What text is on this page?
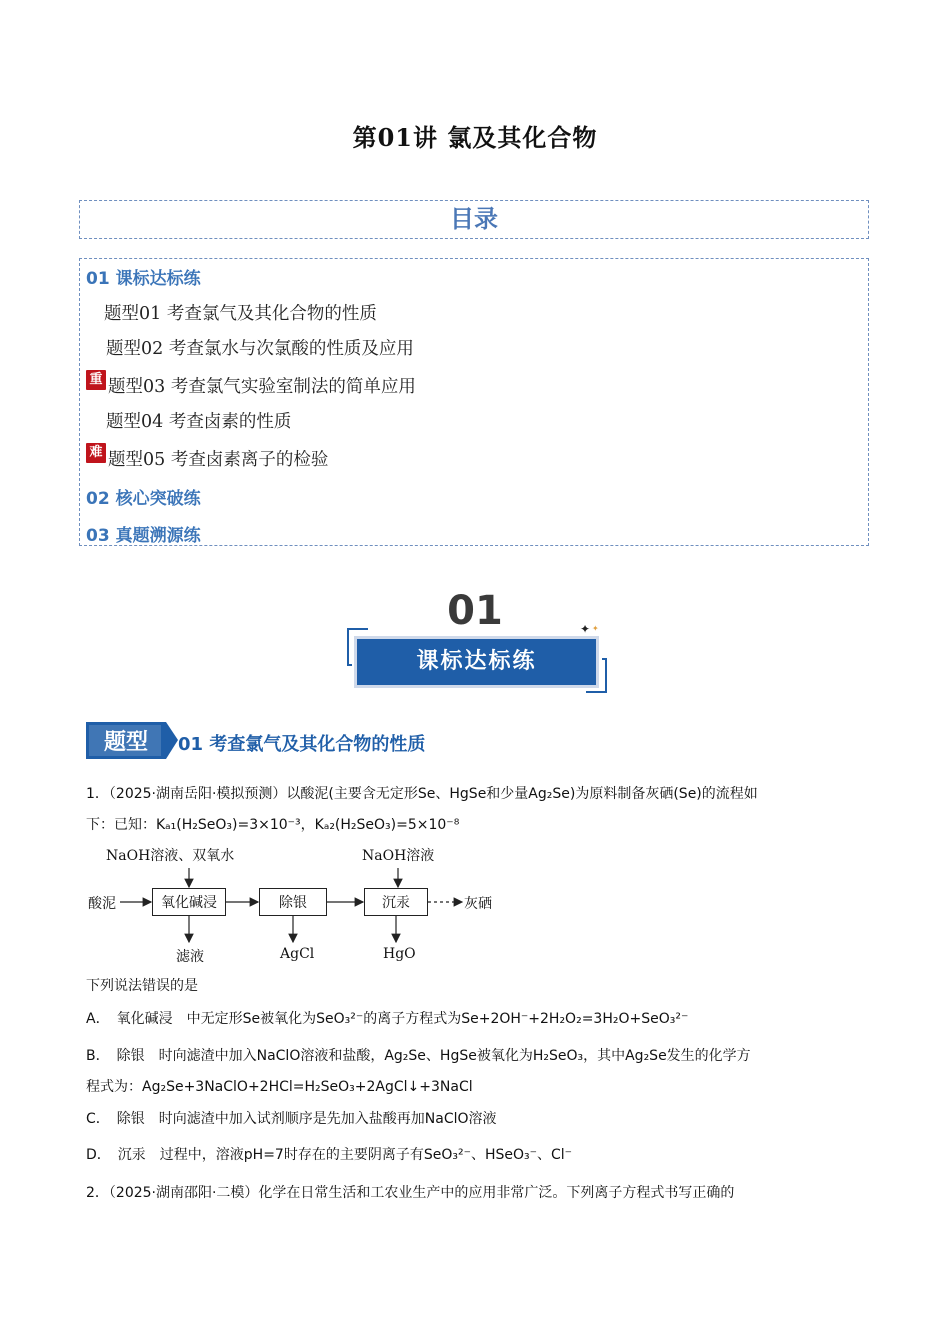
第01讲 氯及其化合物
目录
01 课标达标练
题型01 考查氯气及其化合物的性质
题型02 考查氯水与次氯酸的性质及应用
重 题型03 考查氯气实验室制法的简单应用
题型04 考查卤素的性质
难 题型05 考查卤素离子的检验
02 核心突破练
03 真题溯源练
01	✦ ✦
课标达标练
题型 01 考查氯气及其化合物的性质
1．（2025·湖南岳阳·模拟预测）以酸泥(主要含无定形Se、HgSe和少量Ag₂Se)为原料制备灰硒(Se)的流程如
下：已知：Kₐ₁(H₂SeO₃)=3×10⁻³，Kₐ₂(H₂SeO₃)=5×10⁻⁸
NaOH溶液、双氧水	NaOH溶液
酸泥	氧化碱浸	除银	沉汞	灰硒
滤液	AgCl	HgO
下列说法错误的是
A．　氧化碱浸　中无定形Se被氧化为SeO₃²⁻的离子方程式为Se+2OH⁻+2H₂O₂=3H₂O+SeO₃²⁻
B．　除银　时向滤渣中加入NaClO溶液和盐酸，Ag₂Se、HgSe被氧化为H₂SeO₃，其中Ag₂Se发生的化学方
程式为：Ag₂Se+3NaClO+2HCl=H₂SeO₃+2AgCl↓+3NaCl
C．　除银　时向滤渣中加入试剂顺序是先加入盐酸再加NaClO溶液
D．　沉汞　过程中，溶液pH=7时存在的主要阴离子有SeO₃²⁻、HSeO₃⁻、Cl⁻
2．（2025·湖南邵阳·二模）化学在日常生活和工农业生产中的应用非常广泛。下列离子方程式书写正确的
